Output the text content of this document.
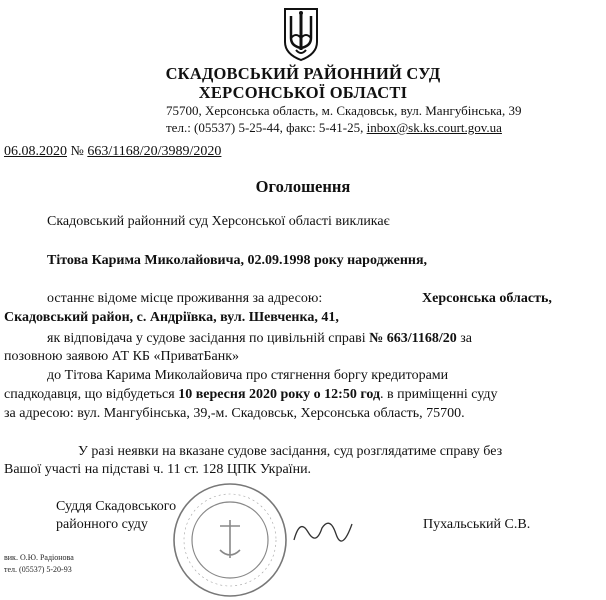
СКАДОВСЬКИЙ РАЙОННИЙ СУД
ХЕРСОНСЬКОЇ ОБЛАСТІ
75700, Херсонська область, м. Скадовськ, вул. Мангубінська, 39
тел.: (05537) 5-25-44, факс: 5-41-25, inbox@sk.ks.court.gov.ua
06.08.2020 № 663/1168/20/3989/2020
Оголошення
Скадовський районний суд Херсонської області викликає
Тітова Карима Миколайовича, 02.09.1998 року народження,
останнє відоме місце проживання за адресою:	Херсонська область,
Скадовський район, с. Андріївка, вул. Шевченка, 41,
як відповідача у судове засідання по цивільній справі № 663/1168/20 за
позовною заявою АТ КБ «ПриватБанк»
до Тітова Карима Миколайовича про стягнення боргу кредиторами
спадкодавця, що відбудеться 10 вересня 2020 року о 12:50 год. в приміщенні суду
за адресою: вул. Мангубінська, 39,-м. Скадовськ, Херсонська область, 75700.
У разі неявки на вказане судове засідання, суд розглядатиме справу без
Вашої участі на підставі ч. 11 ст. 128 ЦПК України.
Суддя Скадовського
районного суду	Пухальський С.В.
вик. О.Ю. Радіонова
тел. (05537) 5-20-93
